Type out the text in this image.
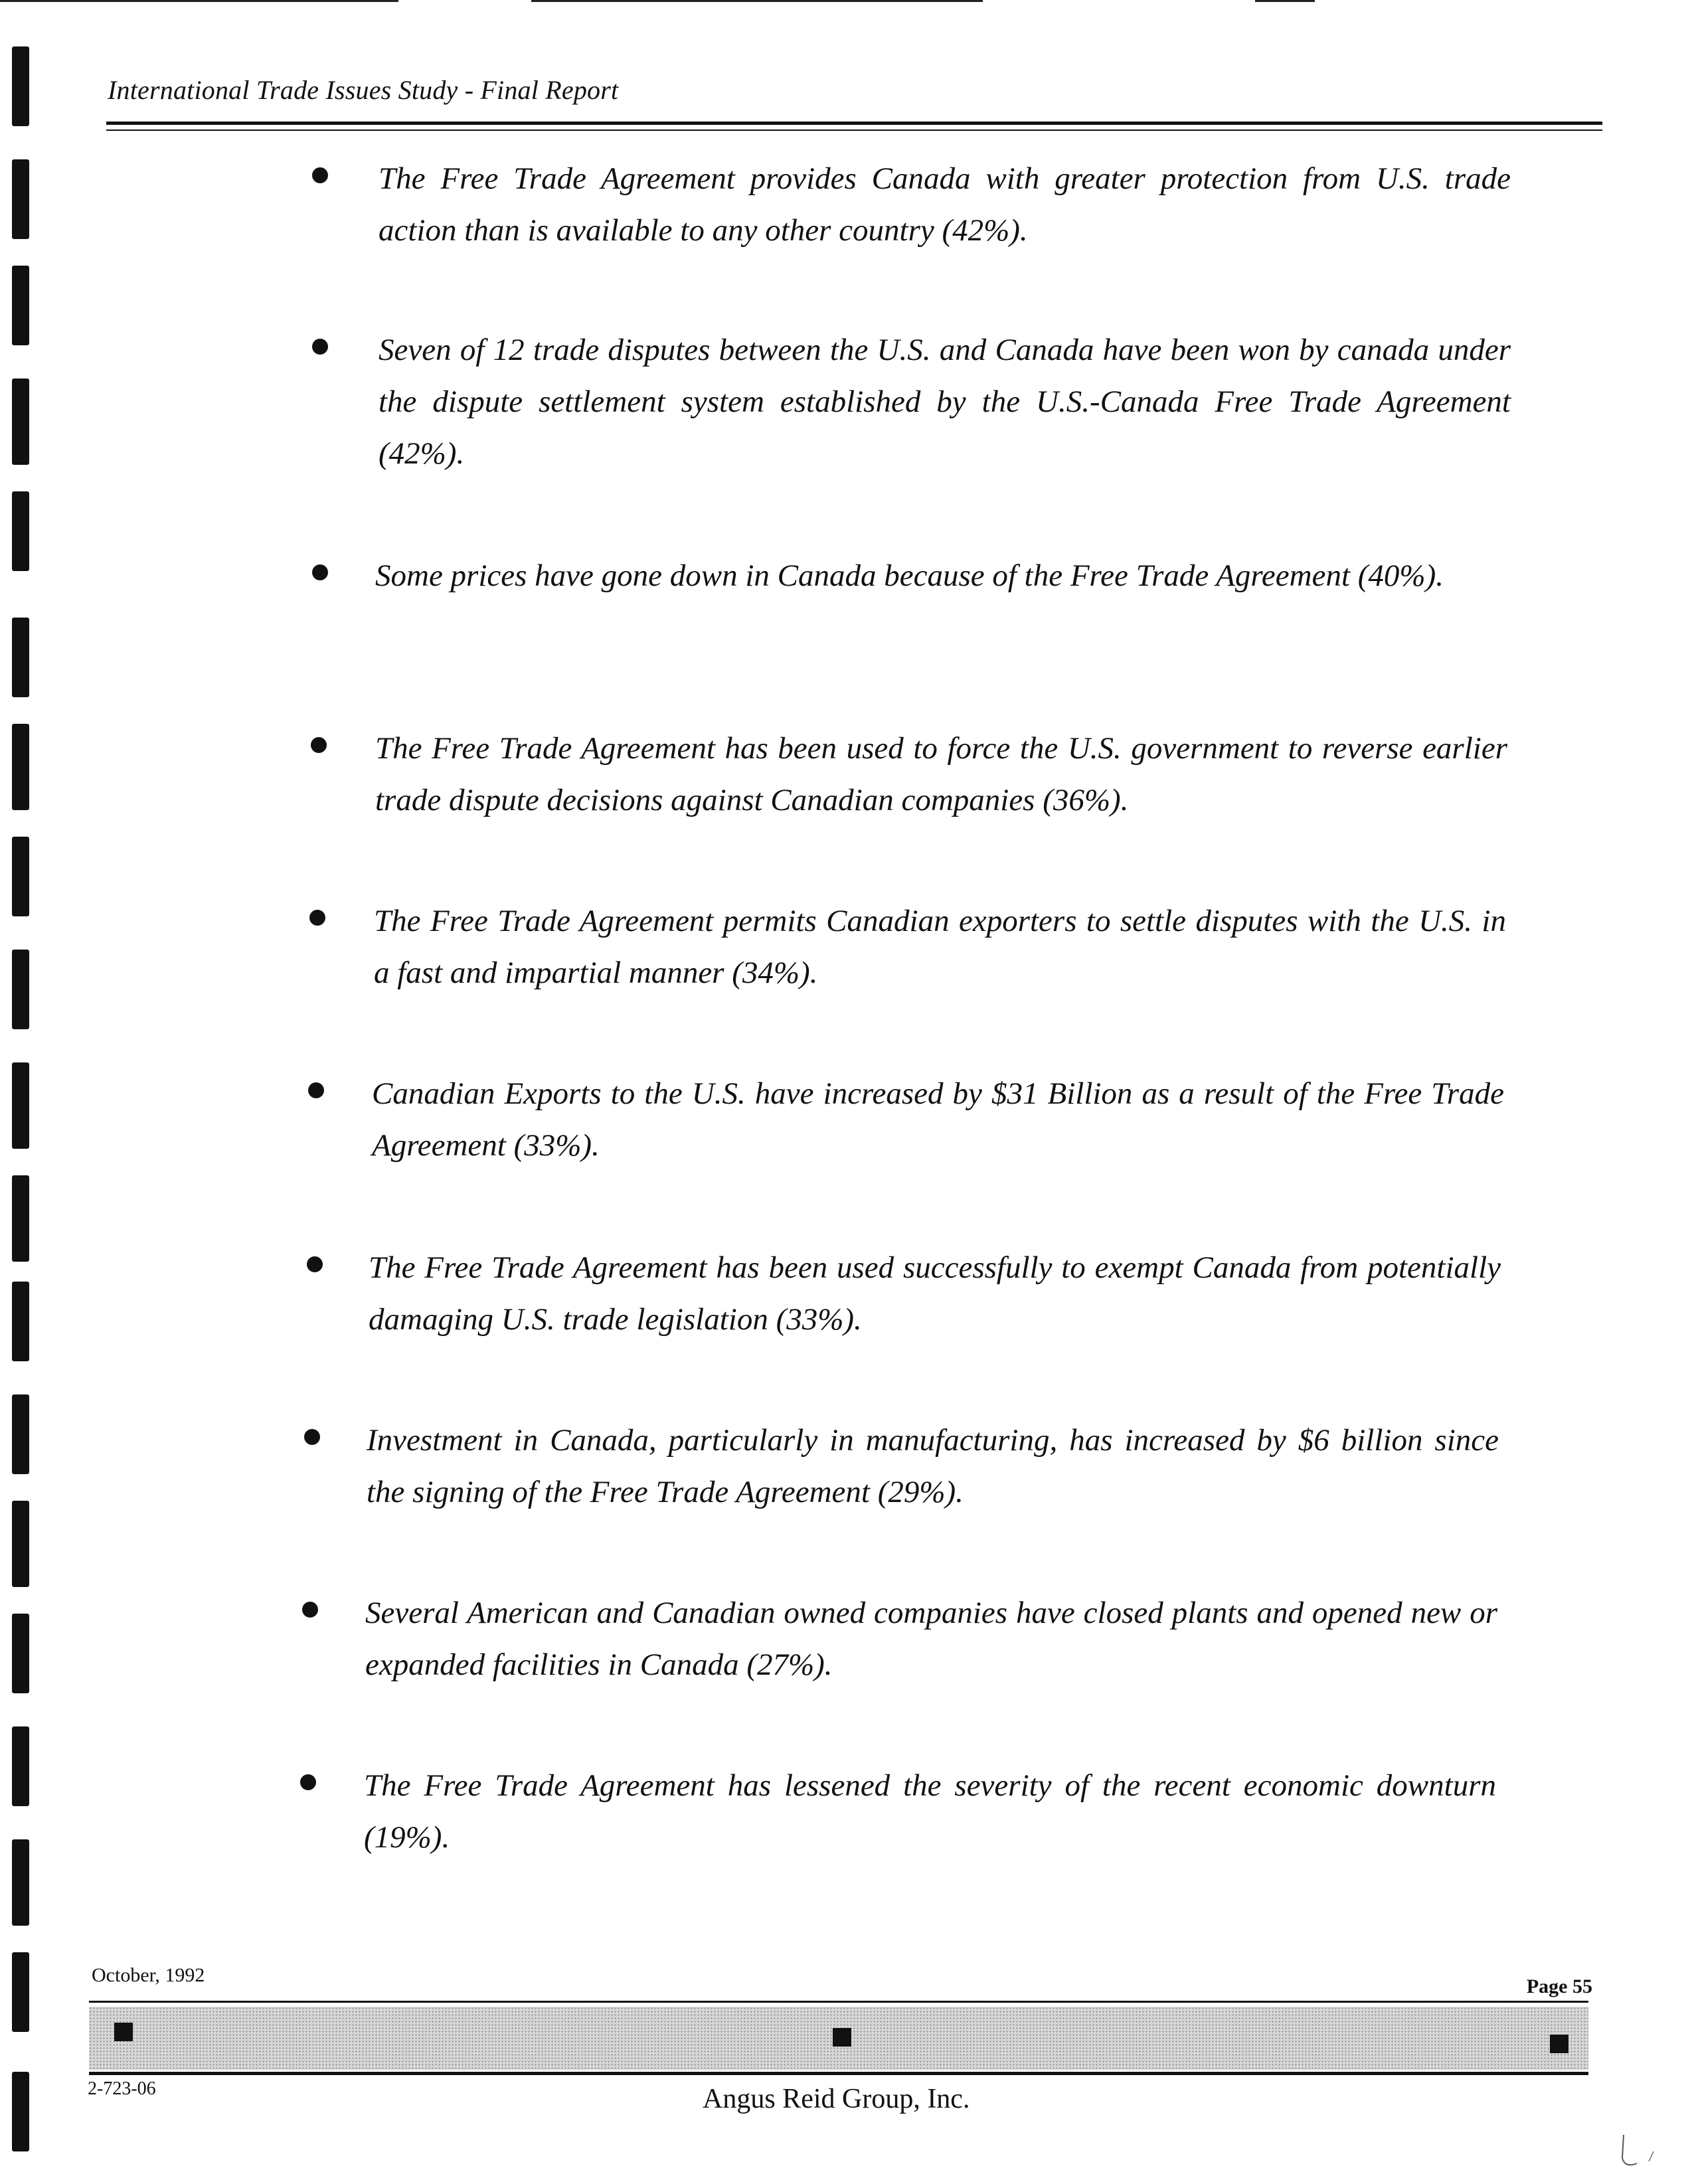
International Trade Issues Study - Final Report
The Free Trade Agreement provides Canada with greater protection from U.S. trade action than is available to any other country (42%).
Seven of 12 trade disputes between the U.S. and Canada have been won by canada under the dispute settlement system established by the U.S.-Canada Free Trade Agreement (42%).
Some prices have gone down in Canada because of the Free Trade Agreement (40%).
The Free Trade Agreement has been used to force the U.S. government to reverse earlier trade dispute decisions against Canadian companies (36%).
The Free Trade Agreement permits Canadian exporters to settle disputes with the U.S. in a fast and impartial manner (34%).
Canadian Exports to the U.S. have increased by $31 Billion as a result of the Free Trade Agreement (33%).
The Free Trade Agreement has been used successfully to exempt Canada from potentially damaging U.S. trade legislation (33%).
Investment in Canada, particularly in manufacturing, has increased by $6 billion since the signing of the Free Trade Agreement (29%).
Several American and Canadian owned companies have closed plants and opened new or expanded facilities in Canada (27%).
The Free Trade Agreement has lessened the severity of the recent economic downturn (19%).
October, 1992
Page 55
2-723-06	Angus Reid Group, Inc.
